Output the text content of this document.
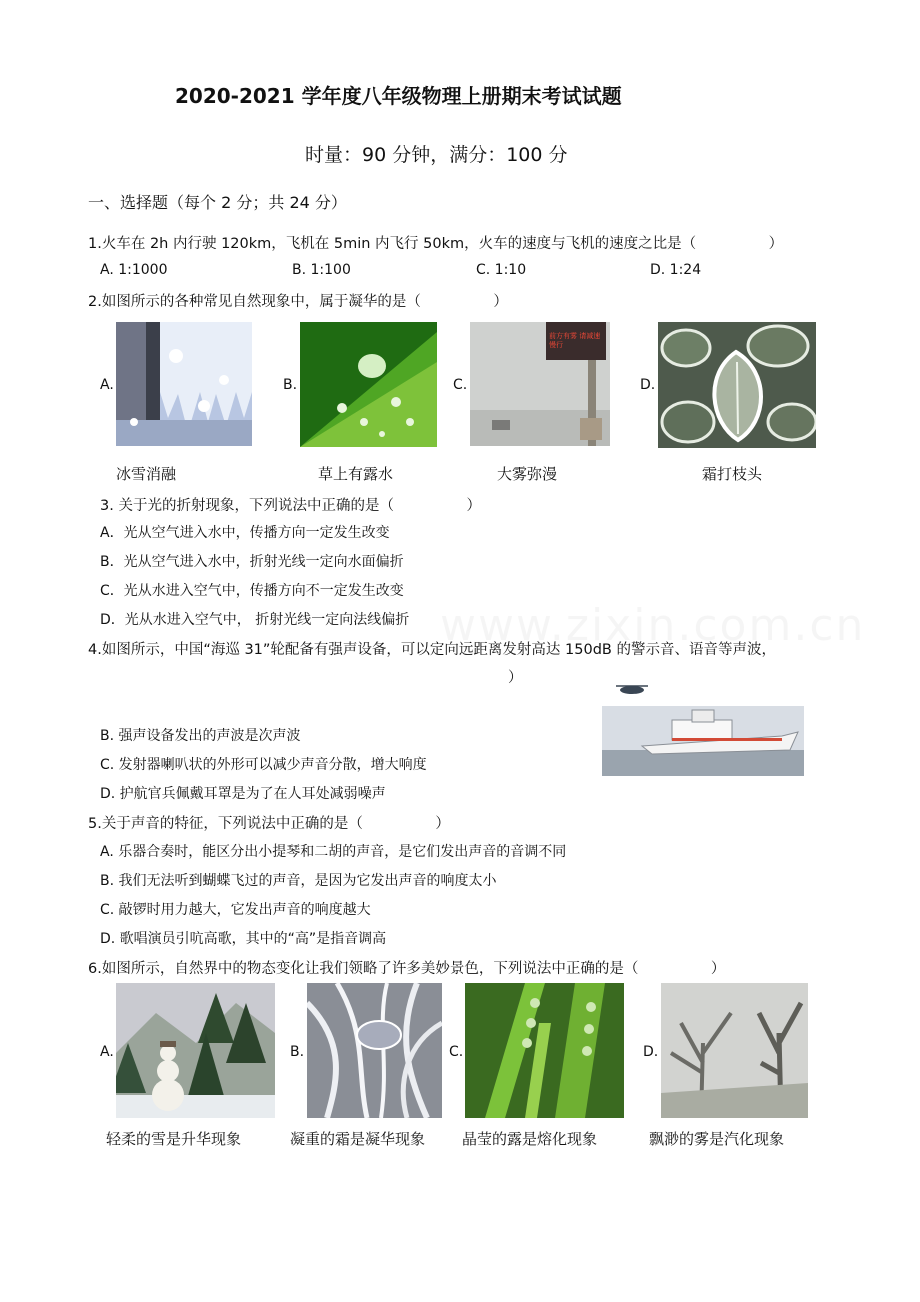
2020-2021 学年度八年级物理上册期末考试试题
时量：90 分钟，满分：100 分
一、选择题（每个 2 分；共 24 分）
1.火车在 2h 内行驶 120km，飞机在 5min 内飞行 50km，火车的速度与飞机的速度之比是（　　　　　）
A. 1:1000	B. 1:100	C. 1:10	D. 1:24
2.如图所示的各种常见自然现象中，属于凝华的是（　　　　　）
A.
冰雪消融
B.
草上有露水
C.
前方有雾 请减速慢行
大雾弥漫
D.
霜打枝头
3. 关于光的折射现象，下列说法中正确的是（　　　　　）
A．光从空气进入水中，传播方向一定发生改变
B．光从空气进入水中，折射光线一定向水面偏折
C．光从水进入空气中，传播方向不一定发生改变
D．光从水进入空气中， 折射光线一定向法线偏折
4.如图所示，中国“海巡 31”轮配备有强声设备，可以定向远距离发射高达 150dB 的警示音、语音等声波，
）
B. 强声设备发出的声波是次声波
C. 发射器喇叭状的外形可以减少声音分散，增大响度
D. 护航官兵佩戴耳罩是为了在人耳处减弱噪声
5.关于声音的特征，下列说法中正确的是（　　　　　）
A. 乐器合奏时，能区分出小提琴和二胡的声音，是它们发出声音的音调不同
B. 我们无法听到蝴蝶飞过的声音，是因为它发出声音的响度太小
C. 敲锣时用力越大，它发出声音的响度越大
D. 歌唱演员引吭高歌，其中的“高”是指音调高
6.如图所示，自然界中的物态变化让我们领略了许多美妙景色，下列说法中正确的是（　　　　　）
A.
轻柔的雪是升华现象
B.
凝重的霜是凝华现象
C.
晶莹的露是熔化现象
D.
飘渺的雾是汽化现象
